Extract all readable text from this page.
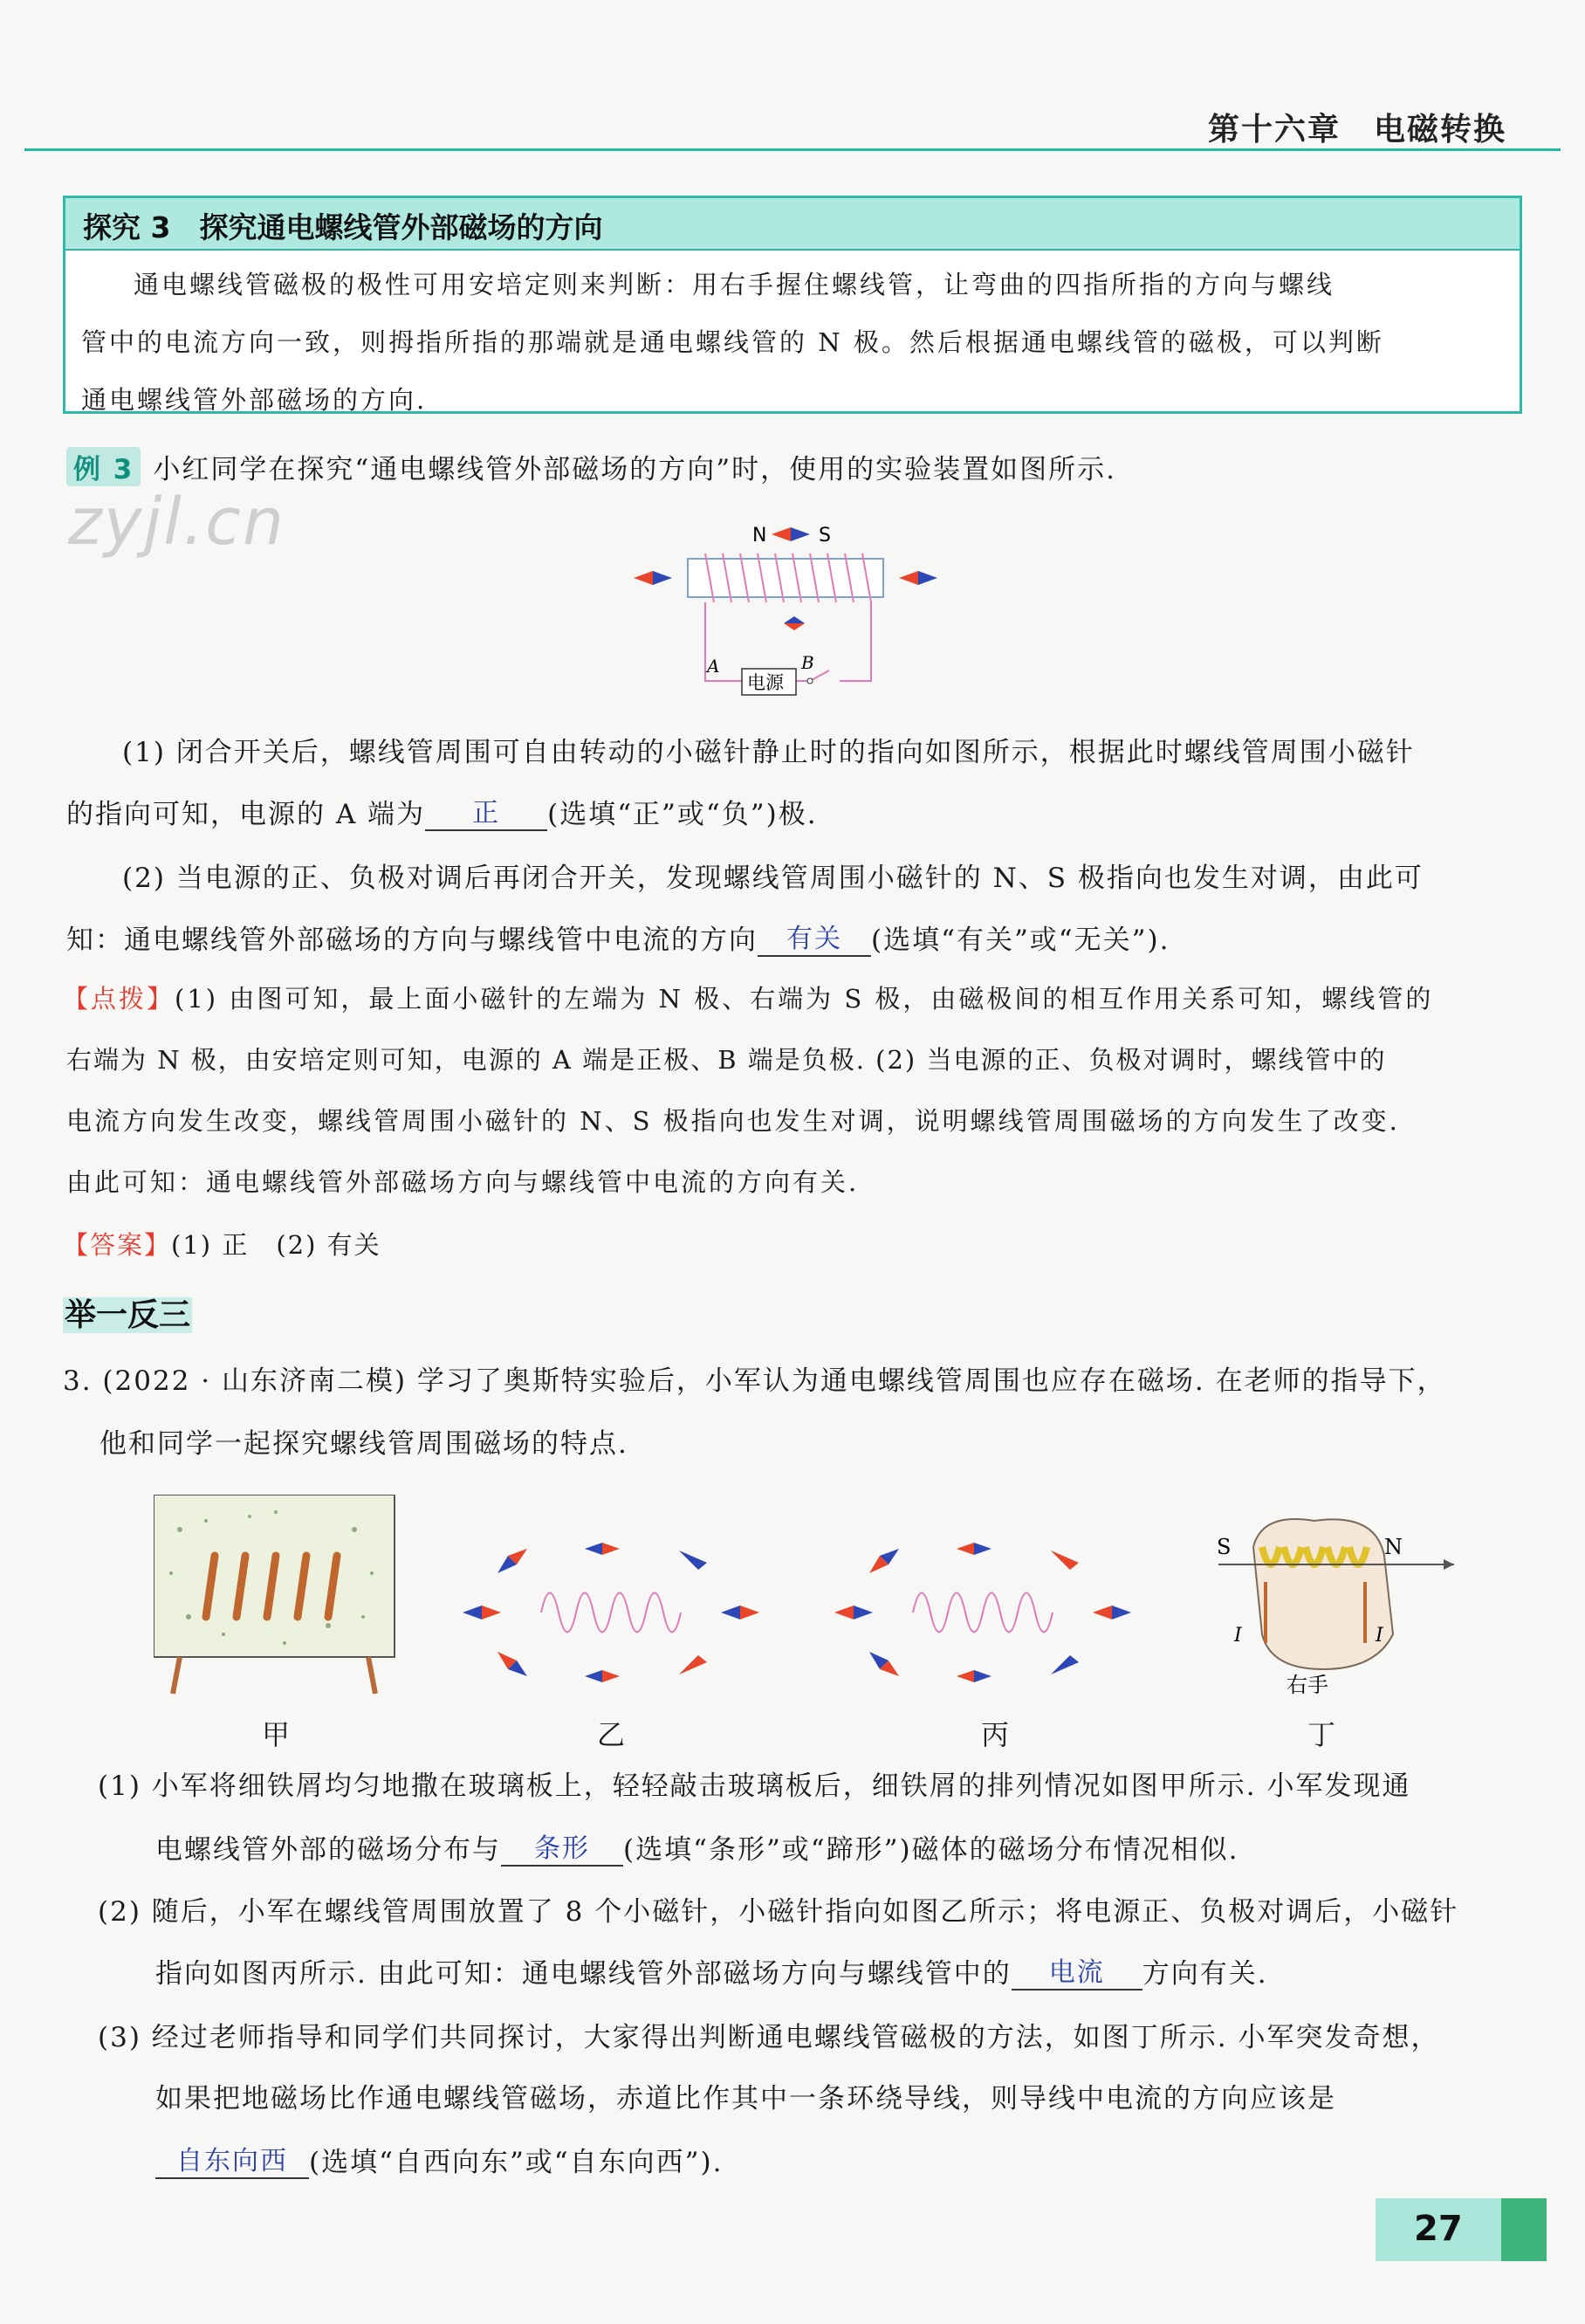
第十六章　电磁转换
探究 3　探究通电螺线管外部磁场的方向

通电螺线管磁极的极性可用安培定则来判断：用右手握住螺线管，让弯曲的四指所指的方向与螺线

管中的电流方向一致，则拇指所指的那端就是通电螺线管的 N 极。然后根据通电螺线管的磁极，可以判断

通电螺线管外部磁场的方向.

例 3 小红同学在探究“通电螺线管外部磁场的方向”时，使用的实验装置如图所示.
zyjl.cn	N	S
A	B
电源
(1) 闭合开关后，螺线管周围可自由转动的小磁针静止时的指向如图所示，根据此时螺线管周围小磁针
的指向可知，电源的 A 端为 正 (选填“正”或“负”)极.
(2) 当电源的正、负极对调后再闭合开关，发现螺线管周围小磁针的 N、S 极指向也发生对调，由此可
知：通电螺线管外部磁场的方向与螺线管中电流的方向 有关 (选填“有关”或“无关”).
【点拨】(1) 由图可知，最上面小磁针的左端为 N 极、右端为 S 极，由磁极间的相互作用关系可知，螺线管的
右端为 N 极，由安培定则可知，电源的 A 端是正极、B 端是负极. (2) 当电源的正、负极对调时，螺线管中的
电流方向发生改变，螺线管周围小磁针的 N、S 极指向也发生对调，说明螺线管周围磁场的方向发生了改变.
由此可知：通电螺线管外部磁场方向与螺线管中电流的方向有关.
【答案】(1) 正　(2) 有关
举一反三
3. (2022 · 山东济南二模) 学习了奥斯特实验后，小军认为通电螺线管周围也应存在磁场. 在老师的指导下，
他和同学一起探究螺线管周围磁场的特点.
甲	乙	丙
S	N
I	I
右手
丁
(1) 小军将细铁屑均匀地撒在玻璃板上，轻轻敲击玻璃板后，细铁屑的排列情况如图甲所示. 小军发现通
电螺线管外部的磁场分布与 条形 (选填“条形”或“蹄形”)磁体的磁场分布情况相似.
(2) 随后，小军在螺线管周围放置了 8 个小磁针，小磁针指向如图乙所示；将电源正、负极对调后，小磁针
指向如图丙所示. 由此可知：通电螺线管外部磁场方向与螺线管中的 电流 方向有关.
(3) 经过老师指导和同学们共同探讨，大家得出判断通电螺线管磁极的方法，如图丁所示. 小军突发奇想，
如果把地磁场比作通电螺线管磁场，赤道比作其中一条环绕导线，则导线中电流的方向应该是
自东向西 (选填“自西向东”或“自东向西”).
27
